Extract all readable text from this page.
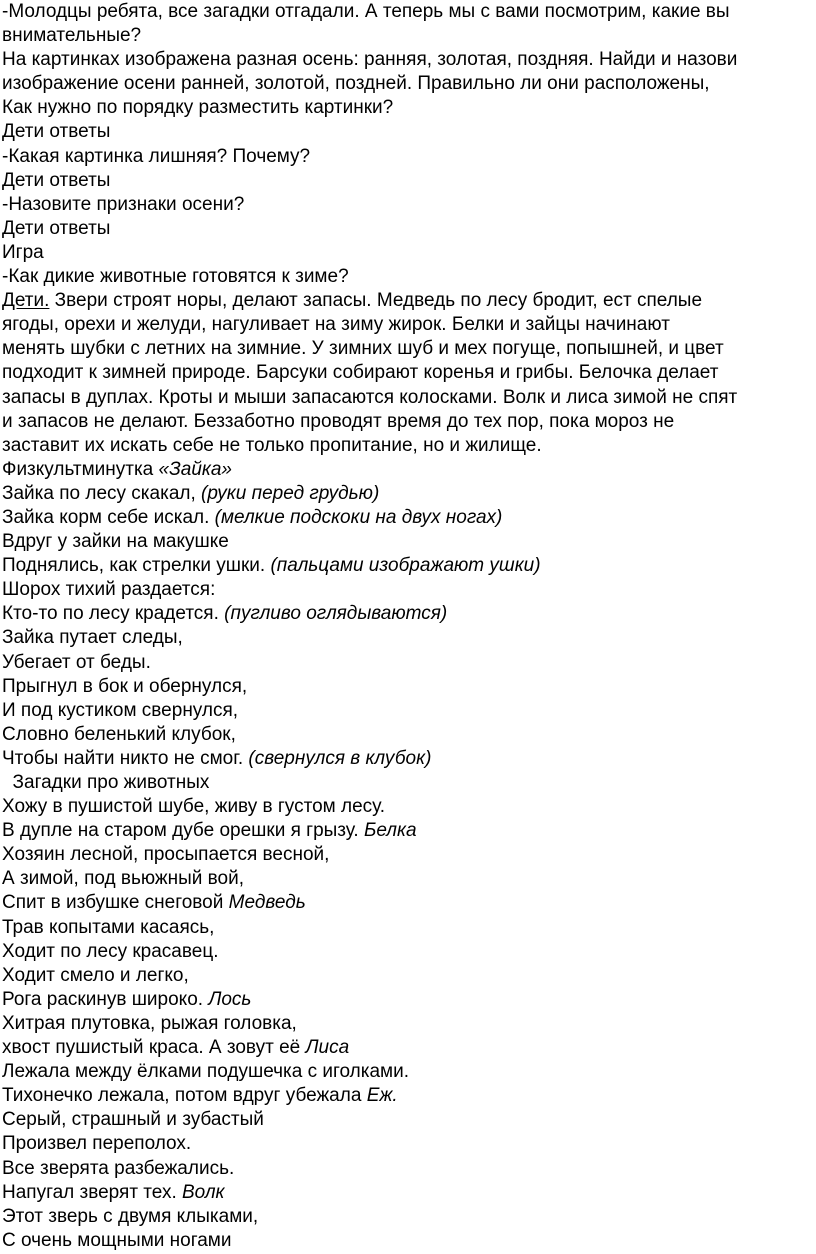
-Молодцы ребята, все загадки отгадали. А теперь мы с вами посмотрим, какие вы
внимательные?
На картинках изображена разная осень: ранняя, золотая, поздняя. Найди и назови
изображение осени ранней, золотой, поздней. Правильно ли они расположены,
Как нужно по порядку разместить картинки?
Дети ответы
-Какая картинка лишняя? Почему?
Дети ответы
-Назовите признаки осени?
Дети ответы
Игра
-Как дикие животные готовятся к зиме?
Дети. Звери строят норы, делают запасы. Медведь по лесу бродит, ест спелые
ягоды, орехи и желуди, нагуливает на зиму жирок. Белки и зайцы начинают
менять шубки с летних на зимние. У зимних шуб и мех погуще, попышней, и цвет
подходит к зимней природе. Барсуки собирают коренья и грибы. Белочка делает
запасы в дуплах. Кроты и мыши запасаются колосками. Волк и лиса зимой не спят
и запасов не делают. Беззаботно проводят время до тех пор, пока мороз не
заставит их искать себе не только пропитание, но и жилище.
Физкультминутка «Зайка»
Зайка по лесу скакал, (руки перед грудью)
Зайка корм себе искал. (мелкие подскоки на двух ногах)
Вдруг у зайки на макушке
Поднялись, как стрелки ушки. (пальцами изображают ушки)
Шорох тихий раздается:
Кто-то по лесу крадется. (пугливо оглядываются)
Зайка путает следы,
Убегает от беды.
Прыгнул в бок и обернулся,
И под кустиком свернулся,
Словно беленький клубок,
Чтобы найти никто не смог. (свернулся в клубок)
Загадки про животных
Хожу в пушистой шубе, живу в густом лесу.
В дупле на старом дубе орешки я грызу. Белка
Хозяин лесной, просыпается весной,
А зимой, под вьюжный вой,
Спит в избушке снеговой Медведь
Трав копытами касаясь,
Ходит по лесу красавец.
Ходит смело и легко,
Рога раскинув широко. Лось
Хитрая плутовка, рыжая головка,
хвост пушистый краса. А зовут её Лиса
Лежала между ёлками подушечка с иголками.
Тихонечко лежала, потом вдруг убежала Еж.
Серый, страшный и зубастый
Произвел переполох.
Все зверята разбежались.
Напугал зверят тех. Волк
Этот зверь с двумя клыками,
С очень мощными ногами
